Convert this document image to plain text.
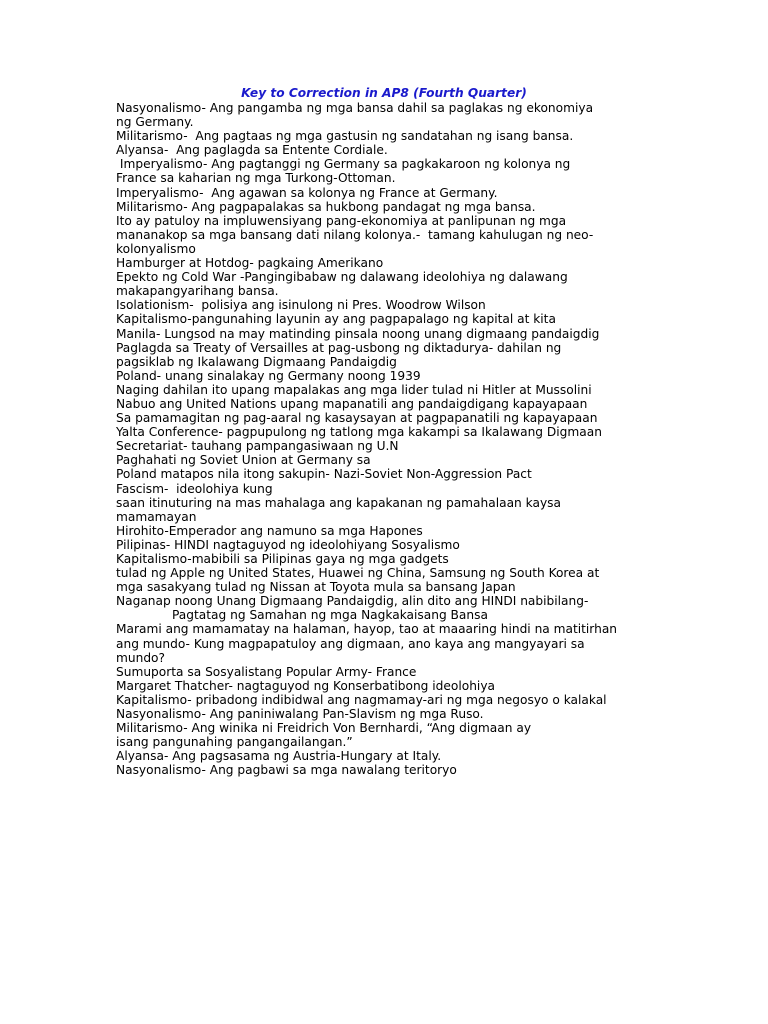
Key to Correction in AP8 (Fourth Quarter)
Nasyonalismo- Ang pangamba ng mga bansa dahil sa paglakas ng ekonomiya
ng Germany.
Militarismo-  Ang pagtaas ng mga gastusin ng sandatahan ng isang bansa.
Alyansa-  Ang paglagda sa Entente Cordiale.
Imperyalismo- Ang pagtanggi ng Germany sa pagkakaroon ng kolonya ng
France sa kaharian ng mga Turkong-Ottoman.
Imperyalismo-  Ang agawan sa kolonya ng France at Germany.
Militarismo- Ang pagpapalakas sa hukbong pandagat ng mga bansa.
Ito ay patuloy na impluwensiyang pang-ekonomiya at panlipunan ng mga
mananakop sa mga bansang dati nilang kolonya.-  tamang kahulugan ng neo-
kolonyalismo
Hamburger at Hotdog- pagkaing Amerikano
Epekto ng Cold War -Pangingibabaw ng dalawang ideolohiya ng dalawang
makapangyarihang bansa.
Isolationism-  polisiya ang isinulong ni Pres. Woodrow Wilson
Kapitalismo-pangunahing layunin ay ang pagpapalago ng kapital at kita
Manila- Lungsod na may matinding pinsala noong unang digmaang pandaigdig
Paglagda sa Treaty of Versailles at pag-usbong ng diktadurya- dahilan ng
pagsiklab ng Ikalawang Digmaang Pandaigdig
Poland- unang sinalakay ng Germany noong 1939
Naging dahilan ito upang mapalakas ang mga lider tulad ni Hitler at Mussolini
Nabuo ang United Nations upang mapanatili ang pandaigdigang kapayapaan
Sa pamamagitan ng pag-aaral ng kasaysayan at pagpapanatili ng kapayapaan
Yalta Conference- pagpupulong ng tatlong mga kakampi sa Ikalawang Digmaan
Secretariat- tauhang pampangasiwaan ng U.N
Paghahati ng Soviet Union at Germany sa
Poland matapos nila itong sakupin- Nazi-Soviet Non-Aggression Pact
Fascism-  ideolohiya kung
saan itinuturing na mas mahalaga ang kapakanan ng pamahalaan kaysa
mamamayan
Hirohito-Emperador ang namuno sa mga Hapones
Pilipinas- HINDI nagtaguyod ng ideolohiyang Sosyalismo
Kapitalismo-mabibili sa Pilipinas gaya ng mga gadgets
tulad ng Apple ng United States, Huawei ng China, Samsung ng South Korea at
mga sasakyang tulad ng Nissan at Toyota mula sa bansang Japan
Naganap noong Unang Digmaang Pandaigdig, alin dito ang HINDI nabibilang-
Pagtatag ng Samahan ng mga Nagkakaisang Bansa
Marami ang mamamatay na halaman, hayop, tao at maaaring hindi na matitirhan
ang mundo- Kung magpapatuloy ang digmaan, ano kaya ang mangyayari sa
mundo?
Sumuporta sa Sosyalistang Popular Army- France
Margaret Thatcher- nagtaguyod ng Konserbatibong ideolohiya
Kapitalismo- pribadong indibidwal ang nagmamay-ari ng mga negosyo o kalakal
Nasyonalismo- Ang paniniwalang Pan-Slavism ng mga Ruso.
Militarismo- Ang winika ni Freidrich Von Bernhardi, “Ang digmaan ay
isang pangunahing pangangailangan.”
Alyansa- Ang pagsasama ng Austria-Hungary at Italy.
Nasyonalismo- Ang pagbawi sa mga nawalang teritoryo
